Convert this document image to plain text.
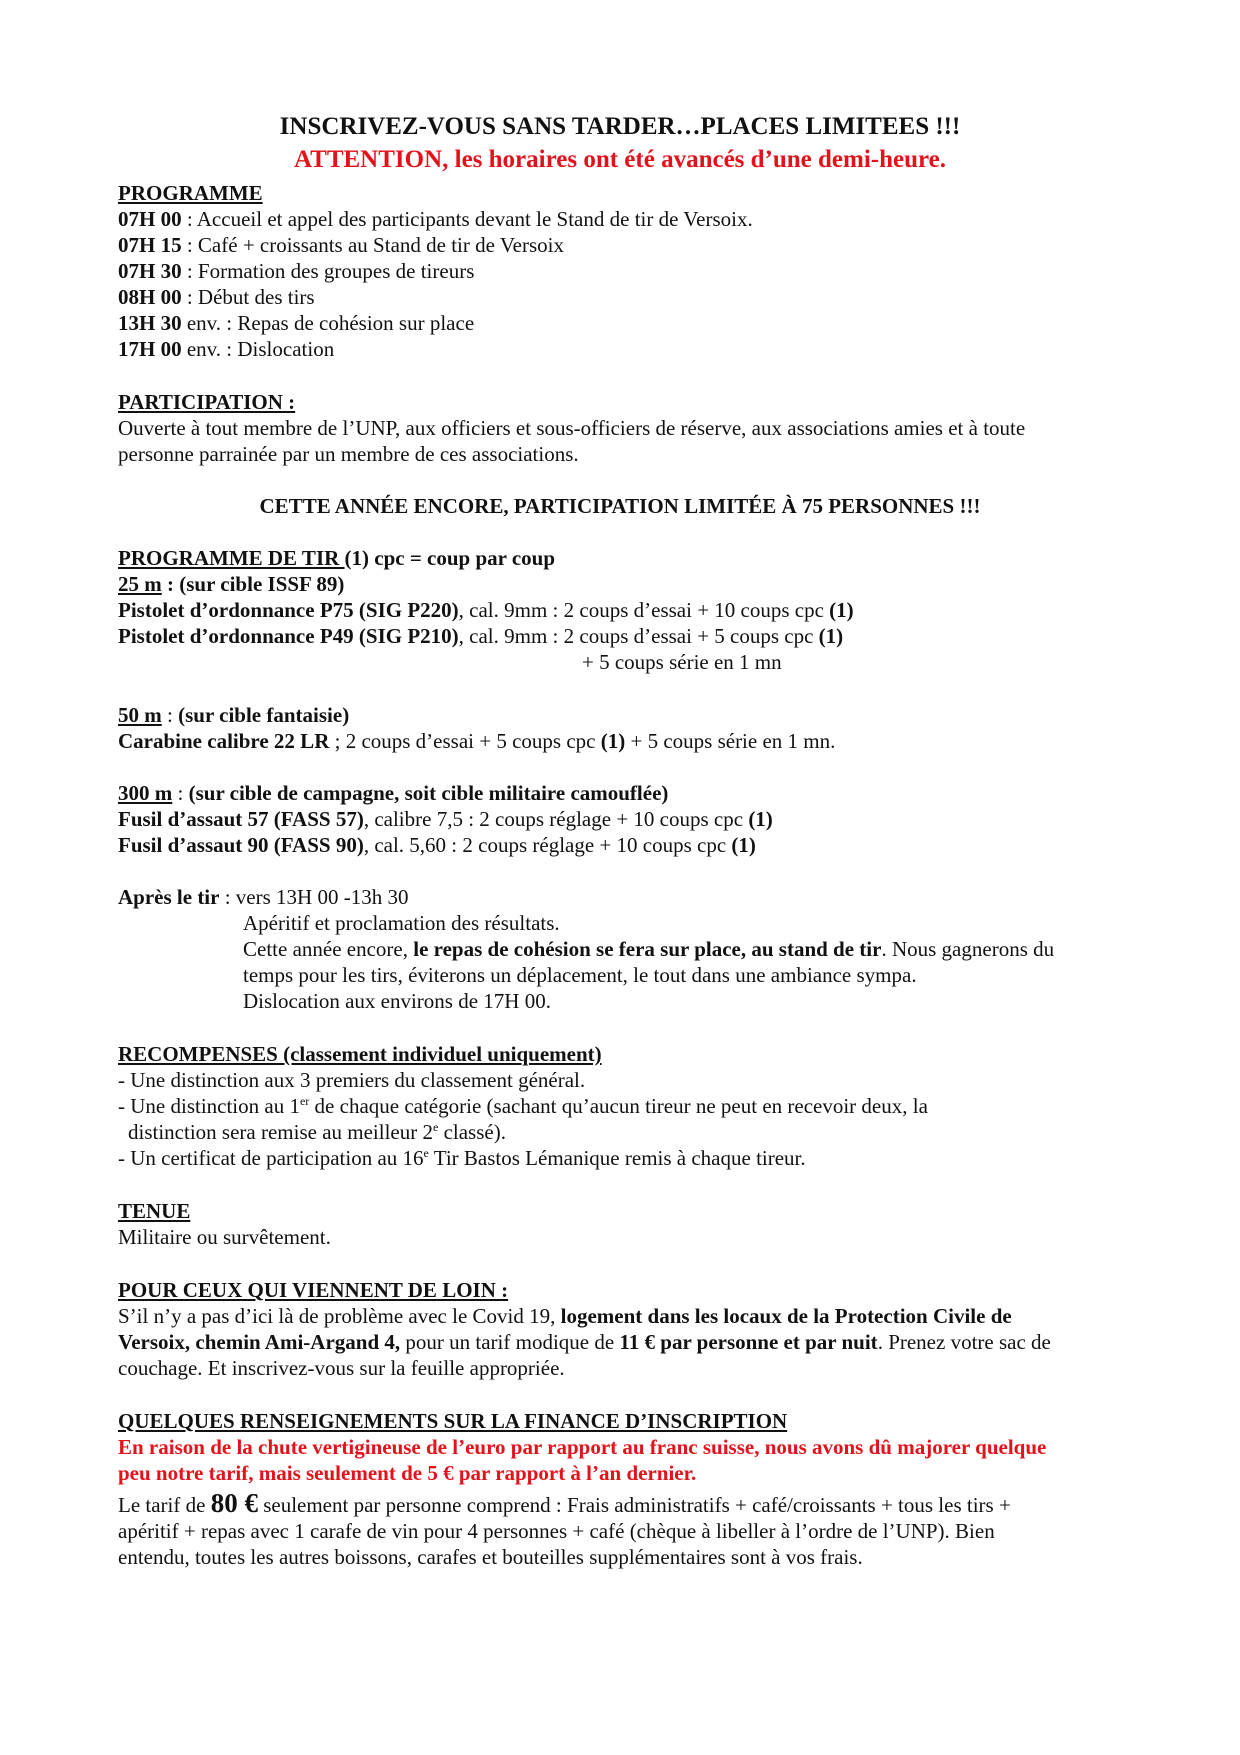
INSCRIVEZ-VOUS SANS TARDER…PLACES LIMITEES !!!
ATTENTION, les horaires ont été avancés d’une demi-heure.
PROGRAMME
07H 00 : Accueil et appel des participants devant le Stand de tir de Versoix.
07H 15 : Café + croissants au Stand de tir de Versoix
07H 30 : Formation des groupes de tireurs
08H 00 : Début des tirs
13H 30 env. : Repas de cohésion sur place
17H 00 env. : Dislocation
PARTICIPATION :
Ouverte à tout membre de l’UNP, aux officiers et sous-officiers de réserve, aux associations amies et à toute
personne parrainée par un membre de ces associations.
CETTE ANNÉE ENCORE, PARTICIPATION LIMITÉE À 75 PERSONNES !!!
PROGRAMME DE TIR (1) cpc = coup par coup
25 m : (sur cible ISSF 89)
Pistolet d’ordonnance P75 (SIG P220), cal. 9mm : 2 coups d’essai + 10 coups cpc (1)
Pistolet d’ordonnance P49 (SIG P210), cal. 9mm : 2 coups d’essai + 5 coups cpc (1)
+ 5 coups série en 1 mn
50 m : (sur cible fantaisie)
Carabine calibre 22 LR ; 2 coups d’essai + 5 coups cpc (1) + 5 coups série en 1 mn.
300 m : (sur cible de campagne, soit cible militaire camouflée)
Fusil d’assaut 57 (FASS 57), calibre 7,5 : 2 coups réglage + 10 coups cpc (1)
Fusil d’assaut 90 (FASS 90), cal. 5,60 : 2 coups réglage + 10 coups cpc (1)
Après le tir : vers 13H 00 -13h 30
Apéritif et proclamation des résultats.
Cette année encore, le repas de cohésion se fera sur place, au stand de tir. Nous gagnerons du
temps pour les tirs, éviterons un déplacement, le tout dans une ambiance sympa.
Dislocation aux environs de 17H 00.
RECOMPENSES (classement individuel uniquement)
- Une distinction aux 3 premiers du classement général.
- Une distinction au 1er de chaque catégorie (sachant qu’aucun tireur ne peut en recevoir deux, la
distinction sera remise au meilleur 2e classé).
- Un certificat de participation au 16e Tir Bastos Lémanique remis à chaque tireur.
TENUE
Militaire ou survêtement.
POUR CEUX QUI VIENNENT DE LOIN :
S’il n’y a pas d’ici là de problème avec le Covid 19, logement dans les locaux de la Protection Civile de
Versoix, chemin Ami-Argand 4, pour un tarif modique de 11 € par personne et par nuit. Prenez votre sac de
couchage. Et inscrivez-vous sur la feuille appropriée.
QUELQUES RENSEIGNEMENTS SUR LA FINANCE D’INSCRIPTION
En raison de la chute vertigineuse de l’euro par rapport au franc suisse, nous avons dû majorer quelque
peu notre tarif, mais seulement de 5 € par rapport à l’an dernier.
Le tarif de 80 € seulement par personne comprend : Frais administratifs + café/croissants + tous les tirs +
apéritif + repas avec 1 carafe de vin pour 4 personnes + café (chèque à libeller à l’ordre de l’UNP). Bien
entendu, toutes les autres boissons, carafes et bouteilles supplémentaires sont à vos frais.
